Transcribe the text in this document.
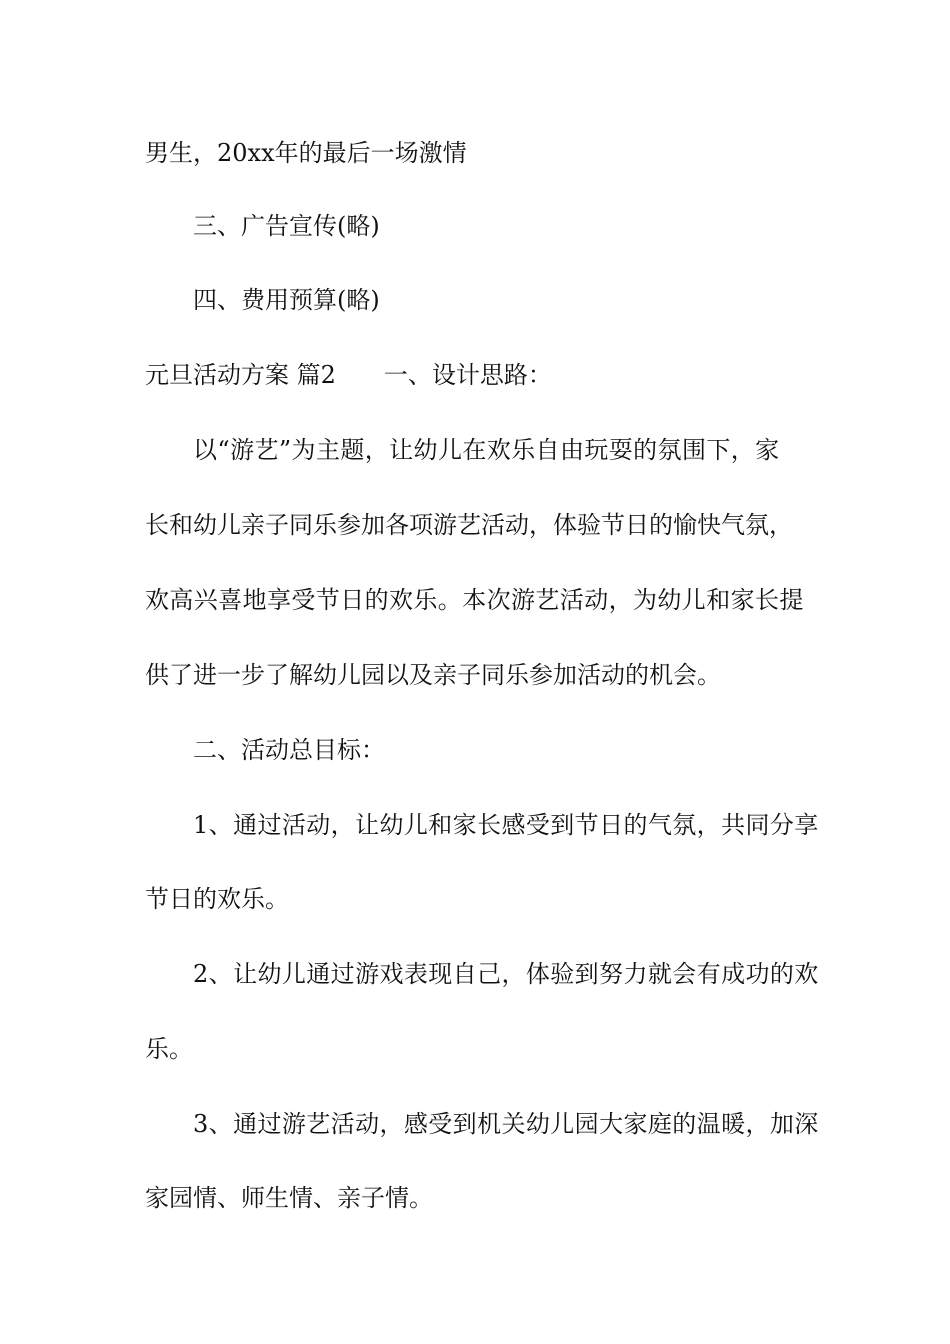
男生，20xx年的最后一场激情

三、广告宣传(略)

四、费用预算(略)

元旦活动方案 篇2 一、设计思路：

以“游艺”为主题，让幼儿在欢乐自由玩耍的氛围下，家

长和幼儿亲子同乐参加各项游艺活动，体验节日的愉快气氛，

欢高兴喜地享受节日的欢乐。本次游艺活动，为幼儿和家长提

供了进一步了解幼儿园以及亲子同乐参加活动的机会。

二、活动总目标：

1、通过活动，让幼儿和家长感受到节日的气氛，共同分享

节日的欢乐。

2、让幼儿通过游戏表现自己，体验到努力就会有成功的欢

乐。

3、通过游艺活动，感受到机关幼儿园大家庭的温暖，加深

家园情、师生情、亲子情。
